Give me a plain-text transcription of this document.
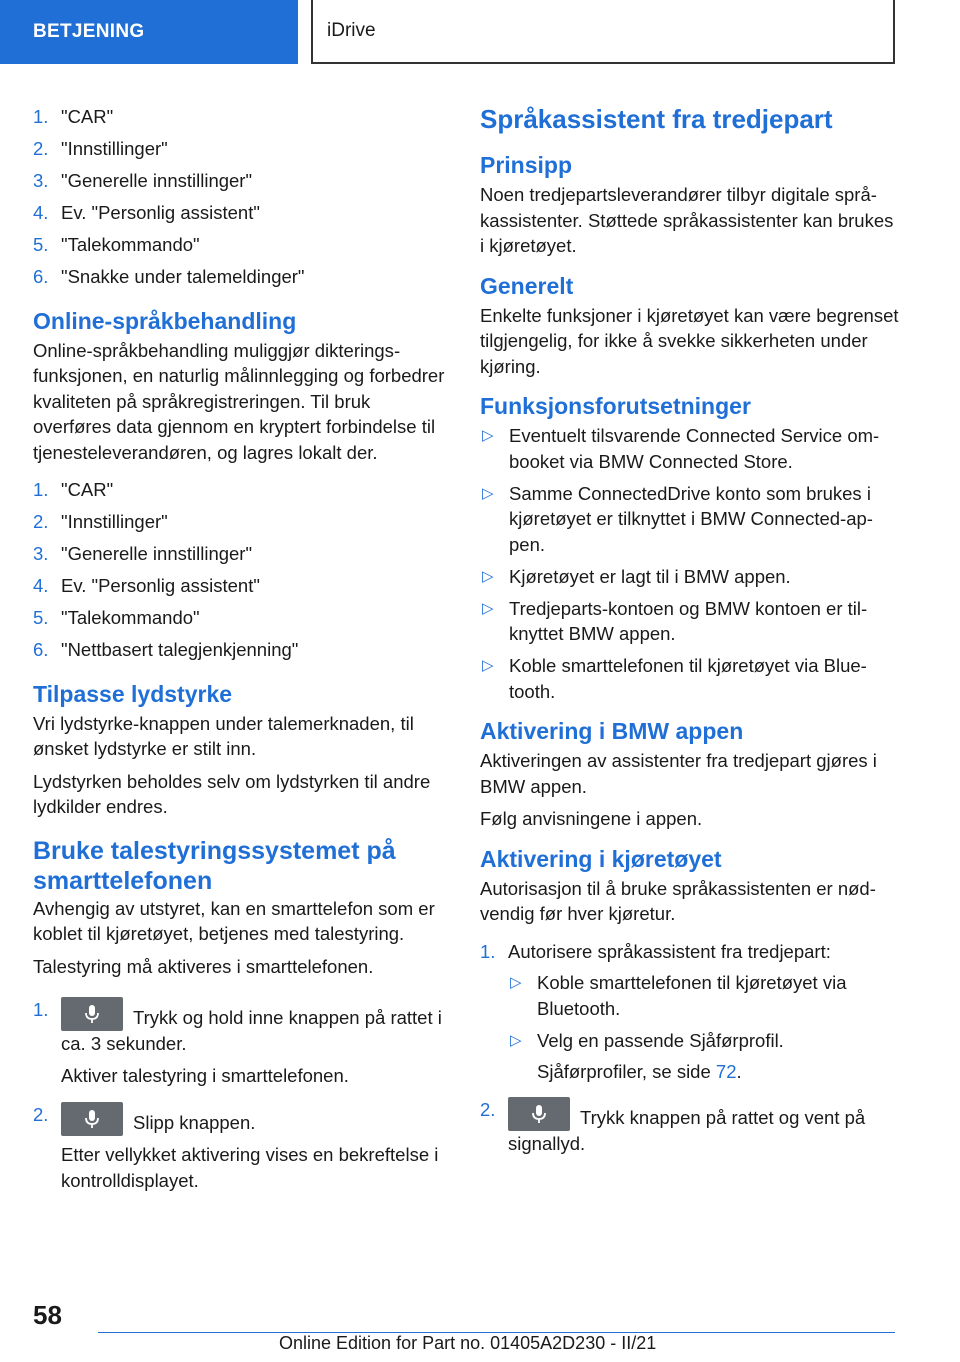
BETJENING	iDrive
1. "CAR"
2. "Innstillinger"
3. "Generelle innstillinger"
4. Ev. "Personlig assistent"
5. "Talekommando"
6. "Snakke under talemeldinger"
Online-språkbehandling

Online-språkbehandling muliggjør dikteringsfunksjonen, en naturlig målinnlegging og forbedrer kvaliteten på språkregistreringen. Til bruk overføres data gjennom en kryptert forbindelse til tjenesteleverandøren, og lagres lokalt der.

1. "CAR"
2. "Innstillinger"
3. "Generelle innstillinger"
4. Ev. "Personlig assistent"
5. "Talekommando"
6. "Nettbasert talegjenkjenning"
Tilpasse lydstyrke

Vri lydstyrke-knappen under talemerknaden, til ønsket lydstyrke er stilt inn.

Lydstyrken beholdes selv om lydstyrken til andre lydkilder endres.

Bruke talestyringssystemet på smarttelefonen

Avhengig av utstyret, kan en smarttelefon som er koblet til kjøretøyet, betjenes med talestyring.

Talestyring må aktiveres i smarttelefonen.

1.	Trykk og hold inne knappen på rattet i ca. 3 sekunder.

Aktiver talestyring i smarttelefonen.

2.	Slipp knappen.

Etter vellykket aktivering vises en bekreftelse i kontrolldisplayet.

Språkassistent fra tredjepart
Prinsipp

Noen tredjepartsleverandører tilbyr digitale språkassistenter. Støttede språkassistenter kan brukes i kjøretøyet.

Generelt

Enkelte funksjoner i kjøretøyet kan være begrenset tilgjengelig, for ikke å svekke sikkerheten under kjøring.

Funksjonsforutsetninger
▷ Eventuelt tilsvarende Connected Service ombooket via BMW Connected Store.
▷ Samme ConnectedDrive konto som brukes i kjøretøyet er tilknyttet i BMW Connected-appen.
▷ Kjøretøyet er lagt til i BMW appen.
▷ Tredjeparts-kontoen og BMW kontoen er tilknyttet BMW appen.
▷ Koble smarttelefonen til kjøretøyet via Bluetooth.
Aktivering i BMW appen

Aktiveringen av assistenter fra tredjepart gjøres i BMW appen.

Følg anvisningene i appen.

Aktivering i kjøretøyet

Autorisasjon til å bruke språkassistenten er nødvendig før hver kjøretur.

1. Autorisere språkassistent fra tredjepart:
▷ Koble smarttelefonen til kjøretøyet via Bluetooth.
▷ Velg en passende Sjåførprofil.

Sjåførprofiler, se side 72.

2.	Trykk knappen på rattet og vent på signallyd.
58
Online Edition for Part no. 01405A2D230 - II/21
